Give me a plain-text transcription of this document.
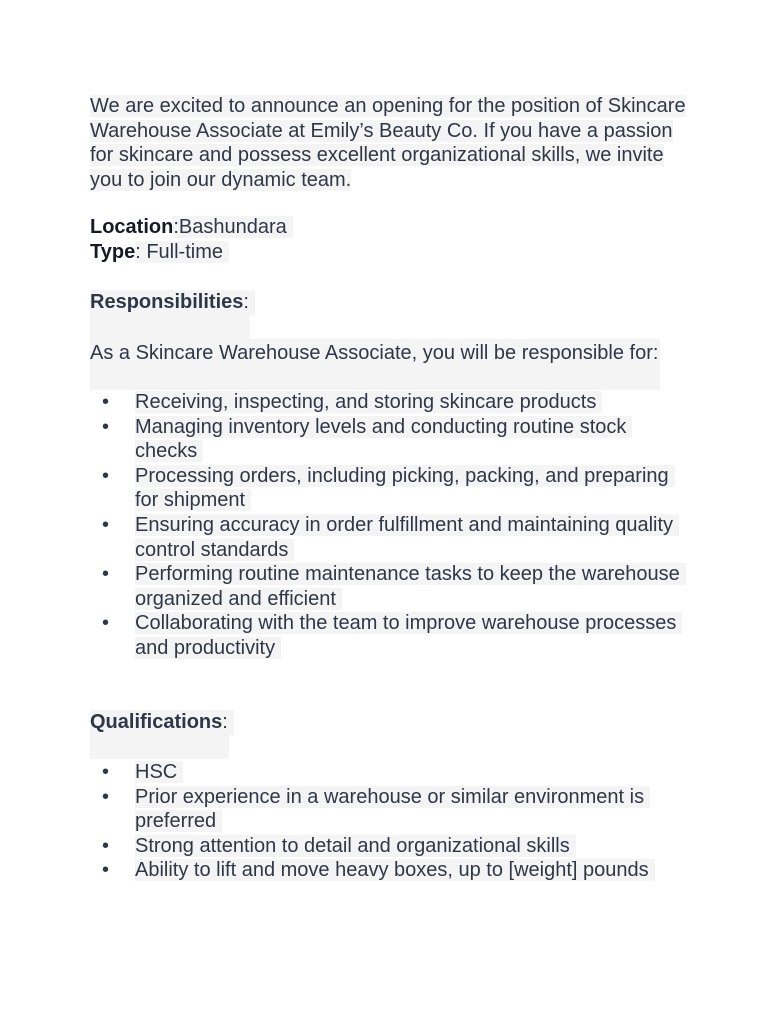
We are excited to announce an opening for the position of Skincare Warehouse Associate at Emily’s Beauty Co. If you have a passion for skincare and possess excellent organizational skills, we invite you to join our dynamic team.
Location:Bashundara
Type: Full-time
Responsibilities:
As a Skincare Warehouse Associate, you will be responsible for:
• Receiving, inspecting, and storing skincare products
• Managing inventory levels and conducting routine stock checks
• Processing orders, including picking, packing, and preparing for shipment
• Ensuring accuracy in order fulfillment and maintaining quality control standards
• Performing routine maintenance tasks to keep the warehouse organized and efficient
• Collaborating with the team to improve warehouse processes and productivity
Qualifications:
• HSC
• Prior experience in a warehouse or similar environment is preferred
• Strong attention to detail and organizational skills
• Ability to lift and move heavy boxes, up to [weight] pounds
